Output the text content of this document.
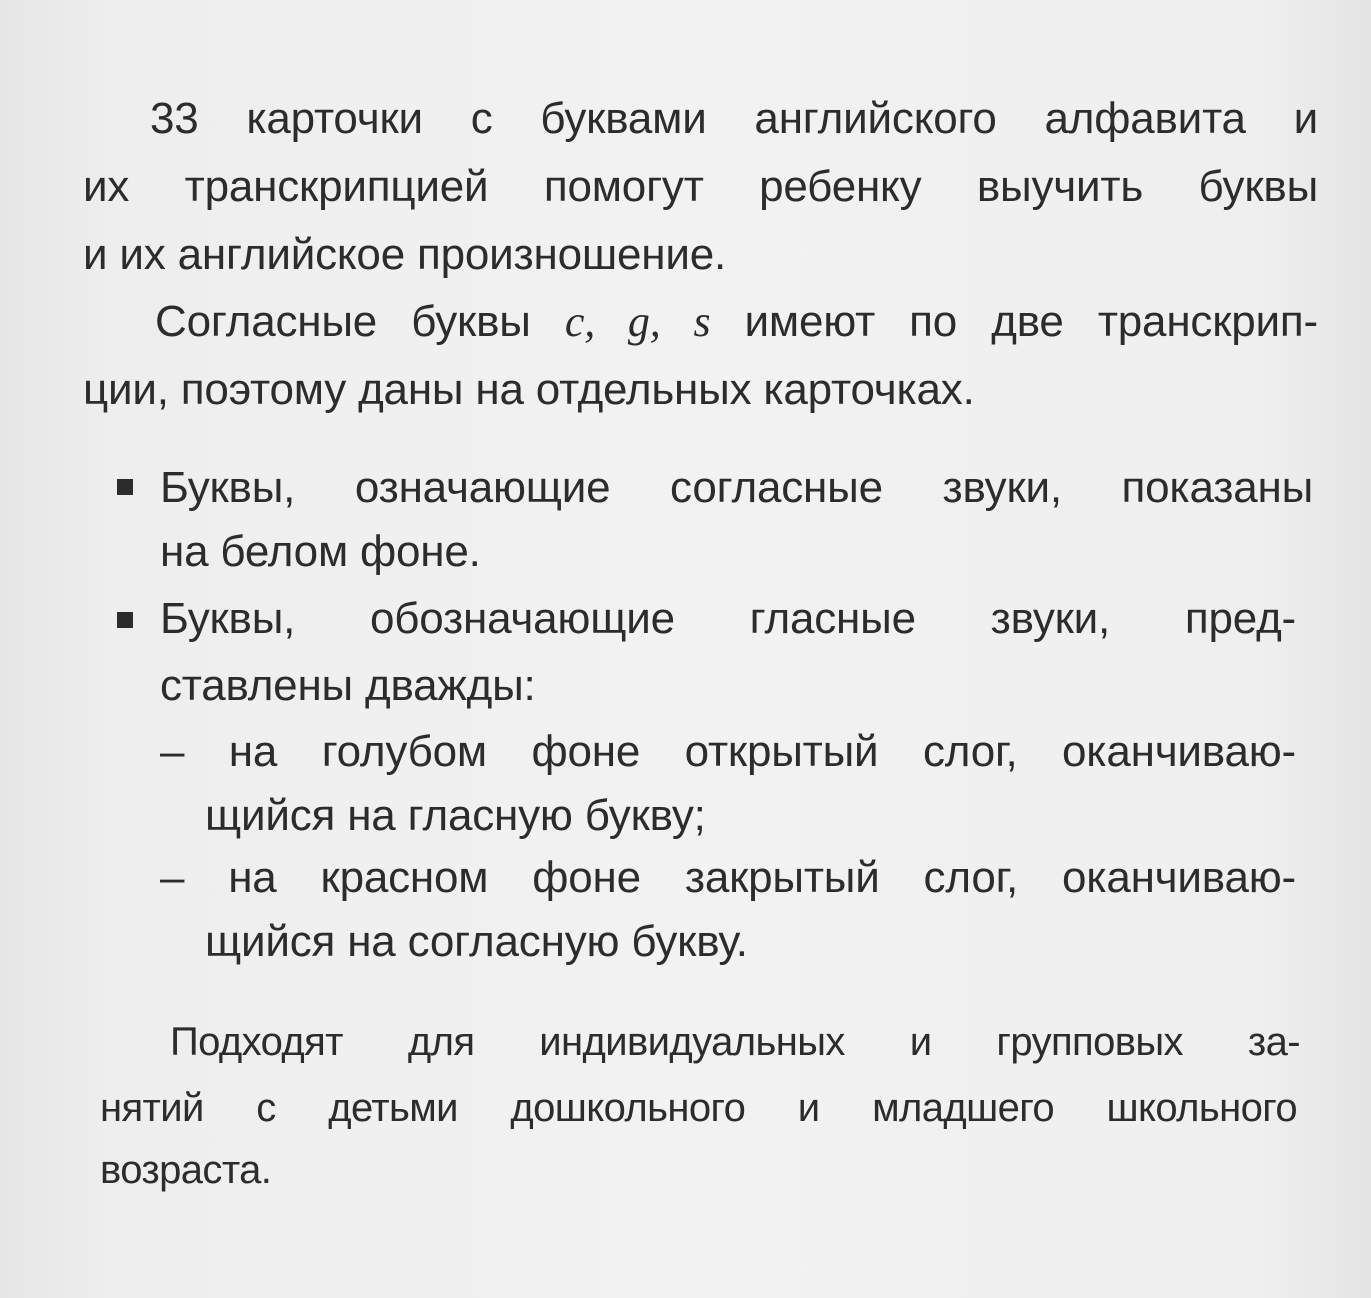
33 карточки с буквами английского алфавита и
их транскрипцией помогут ребенку выучить буквы
и их английское произношение.
Согласные буквы c, g, s имеют по две транскрип-
ции, поэтому даны на отдельных карточках.
Буквы, означающие согласные звуки, показаны
на белом фоне.
Буквы, обозначающие гласные звуки, пред-
ставлены дважды:
– на голубом фоне открытый слог, оканчиваю-
щийся на гласную букву;
– на красном фоне закрытый слог, оканчиваю-
щийся на согласную букву.
Подходят для индивидуальных и групповых за-
нятий с детьми дошкольного и младшего школьного
возраста.
